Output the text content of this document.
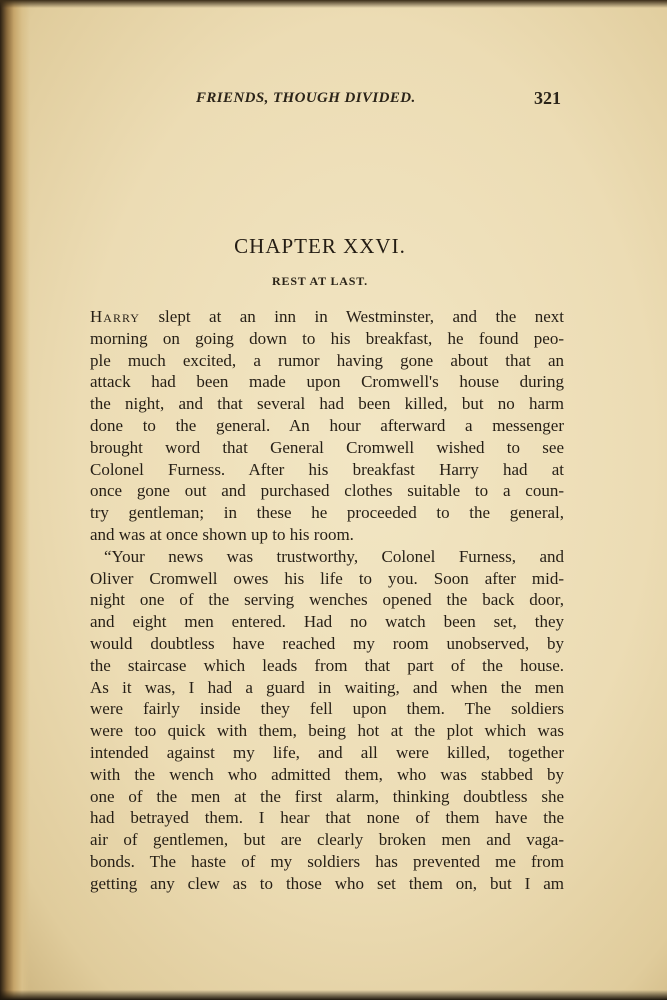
FRIENDS, THOUGH DIVIDED.	321
CHAPTER XXVI.
REST AT LAST.
Harry slept at an inn in Westminster, and the next
morning on going down to his breakfast, he found peo-
ple much excited, a rumor having gone about that an
attack had been made upon Cromwell's house during
the night, and that several had been killed, but no harm
done to the general. An hour afterward a messenger
brought word that General Cromwell wished to see
Colonel Furness. After his breakfast Harry had at
once gone out and purchased clothes suitable to a coun-
try gentleman; in these he proceeded to the general,
and was at once shown up to his room.
“Your news was trustworthy, Colonel Furness, and
Oliver Cromwell owes his life to you. Soon after mid-
night one of the serving wenches opened the back door,
and eight men entered. Had no watch been set, they
would doubtless have reached my room unobserved, by
the staircase which leads from that part of the house.
As it was, I had a guard in waiting, and when the men
were fairly inside they fell upon them. The soldiers
were too quick with them, being hot at the plot which was
intended against my life, and all were killed, together
with the wench who admitted them, who was stabbed by
one of the men at the first alarm, thinking doubtless she
had betrayed them. I hear that none of them have the
air of gentlemen, but are clearly broken men and vaga-
bonds. The haste of my soldiers has prevented me from
getting any clew as to those who set them on, but I am
